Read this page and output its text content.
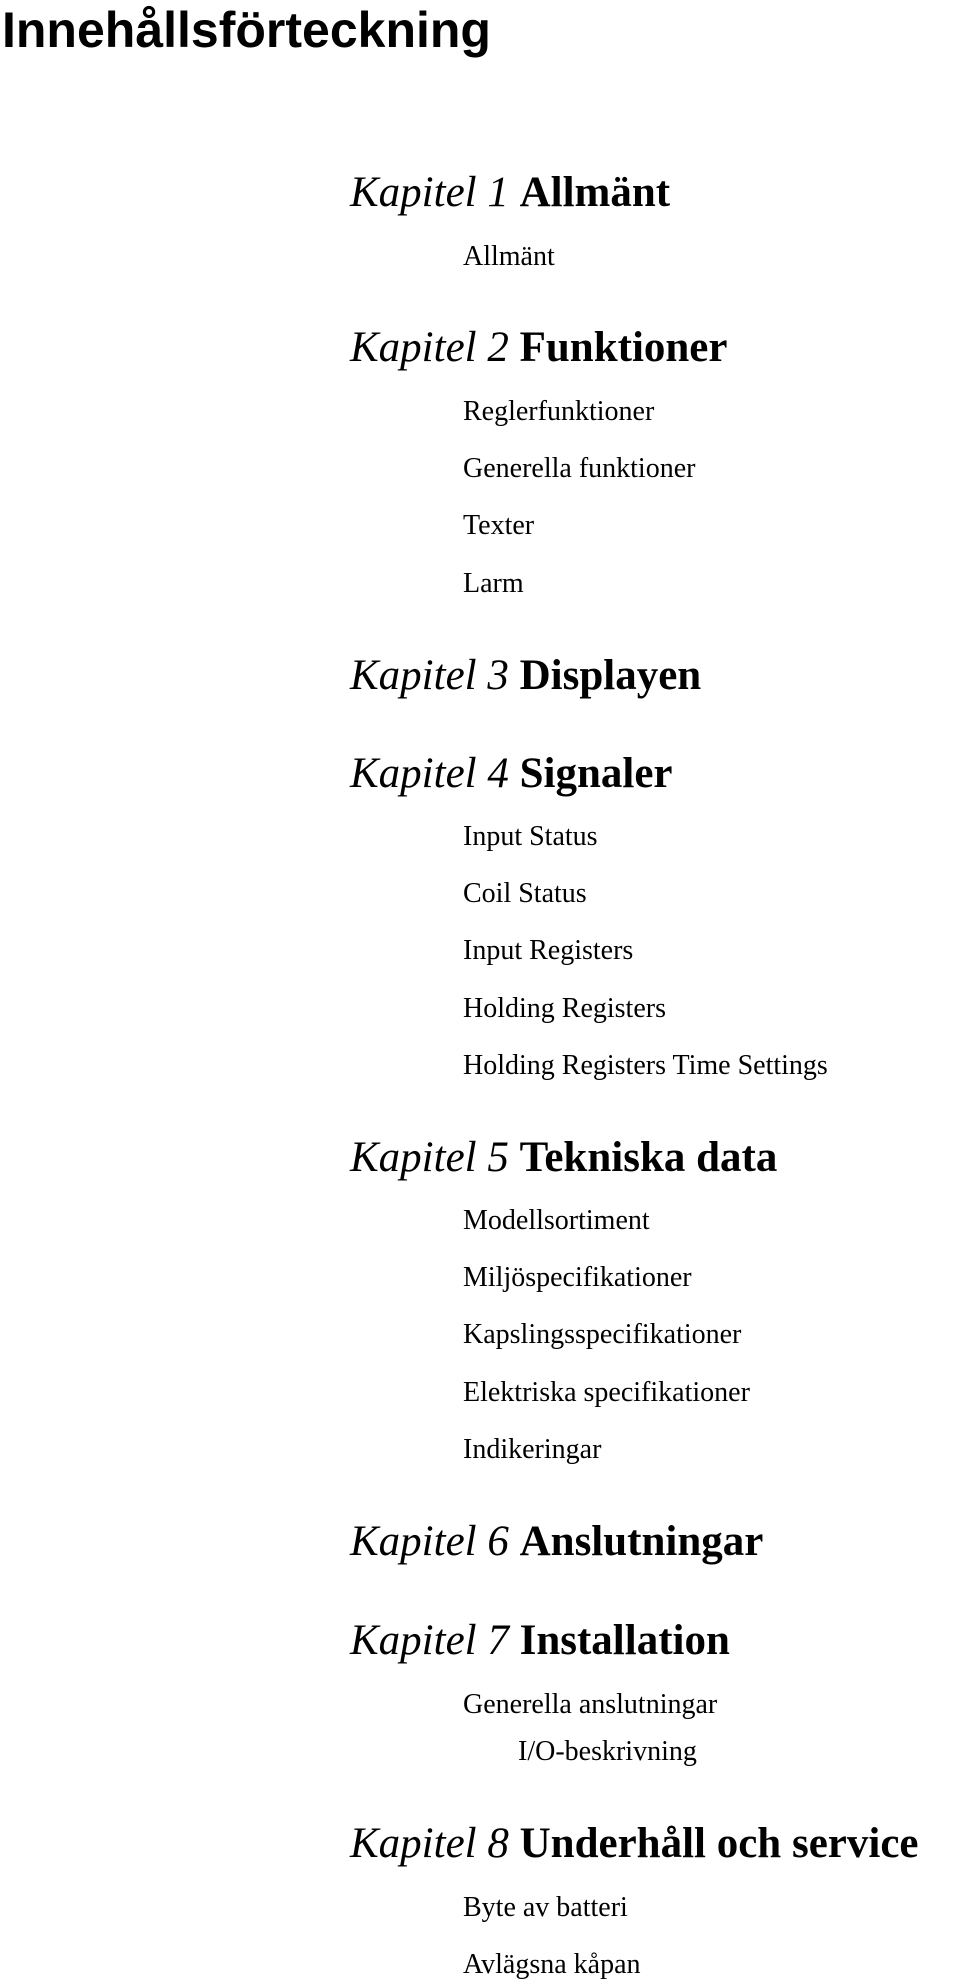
Innehållsförteckning
Kapitel 1 Allmänt
Allmänt
Kapitel 2 Funktioner
Reglerfunktioner
Generella funktioner
Texter
Larm
Kapitel 3 Displayen
Kapitel 4 Signaler
Input Status
Coil Status
Input Registers
Holding Registers
Holding Registers Time Settings
Kapitel 5 Tekniska data
Modellsortiment
Miljöspecifikationer
Kapslingsspecifikationer
Elektriska specifikationer
Indikeringar
Kapitel 6 Anslutningar
Kapitel 7 Installation
Generella anslutningar
I/O-beskrivning
Kapitel 8 Underhåll och service
Byte av batteri
Avlägsna kåpan
